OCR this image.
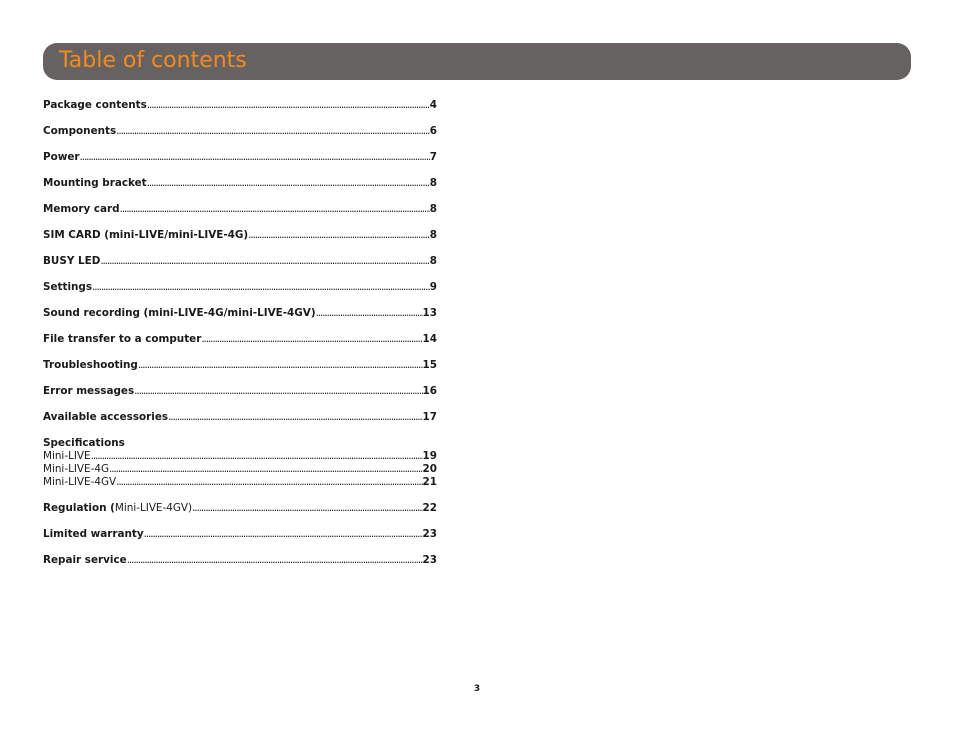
Table of contents
Package contents . . .	4
Components . . .	6
Power . . .	7
Mounting bracket . . .	8
Memory card . . .	8
SIM CARD (mini-LIVE/mini-LIVE-4G) . . .	8
BUSY LED . . .	8
Settings . . .	9
Sound recording (mini-LIVE-4G/mini-LIVE-4GV) . . .	13
File transfer to a computer . . .	14
Troubleshooting . . .	15
Error messages . . .	16
Available accessories . . .	17
Specifications
Mini-LIVE . . .	19
Mini-LIVE-4G . . .	20
Mini-LIVE-4GV . . .	21
Regulation (Mini-LIVE-4GV) . . .	22
Limited warranty . . .	23
Repair service . . .	23
3
